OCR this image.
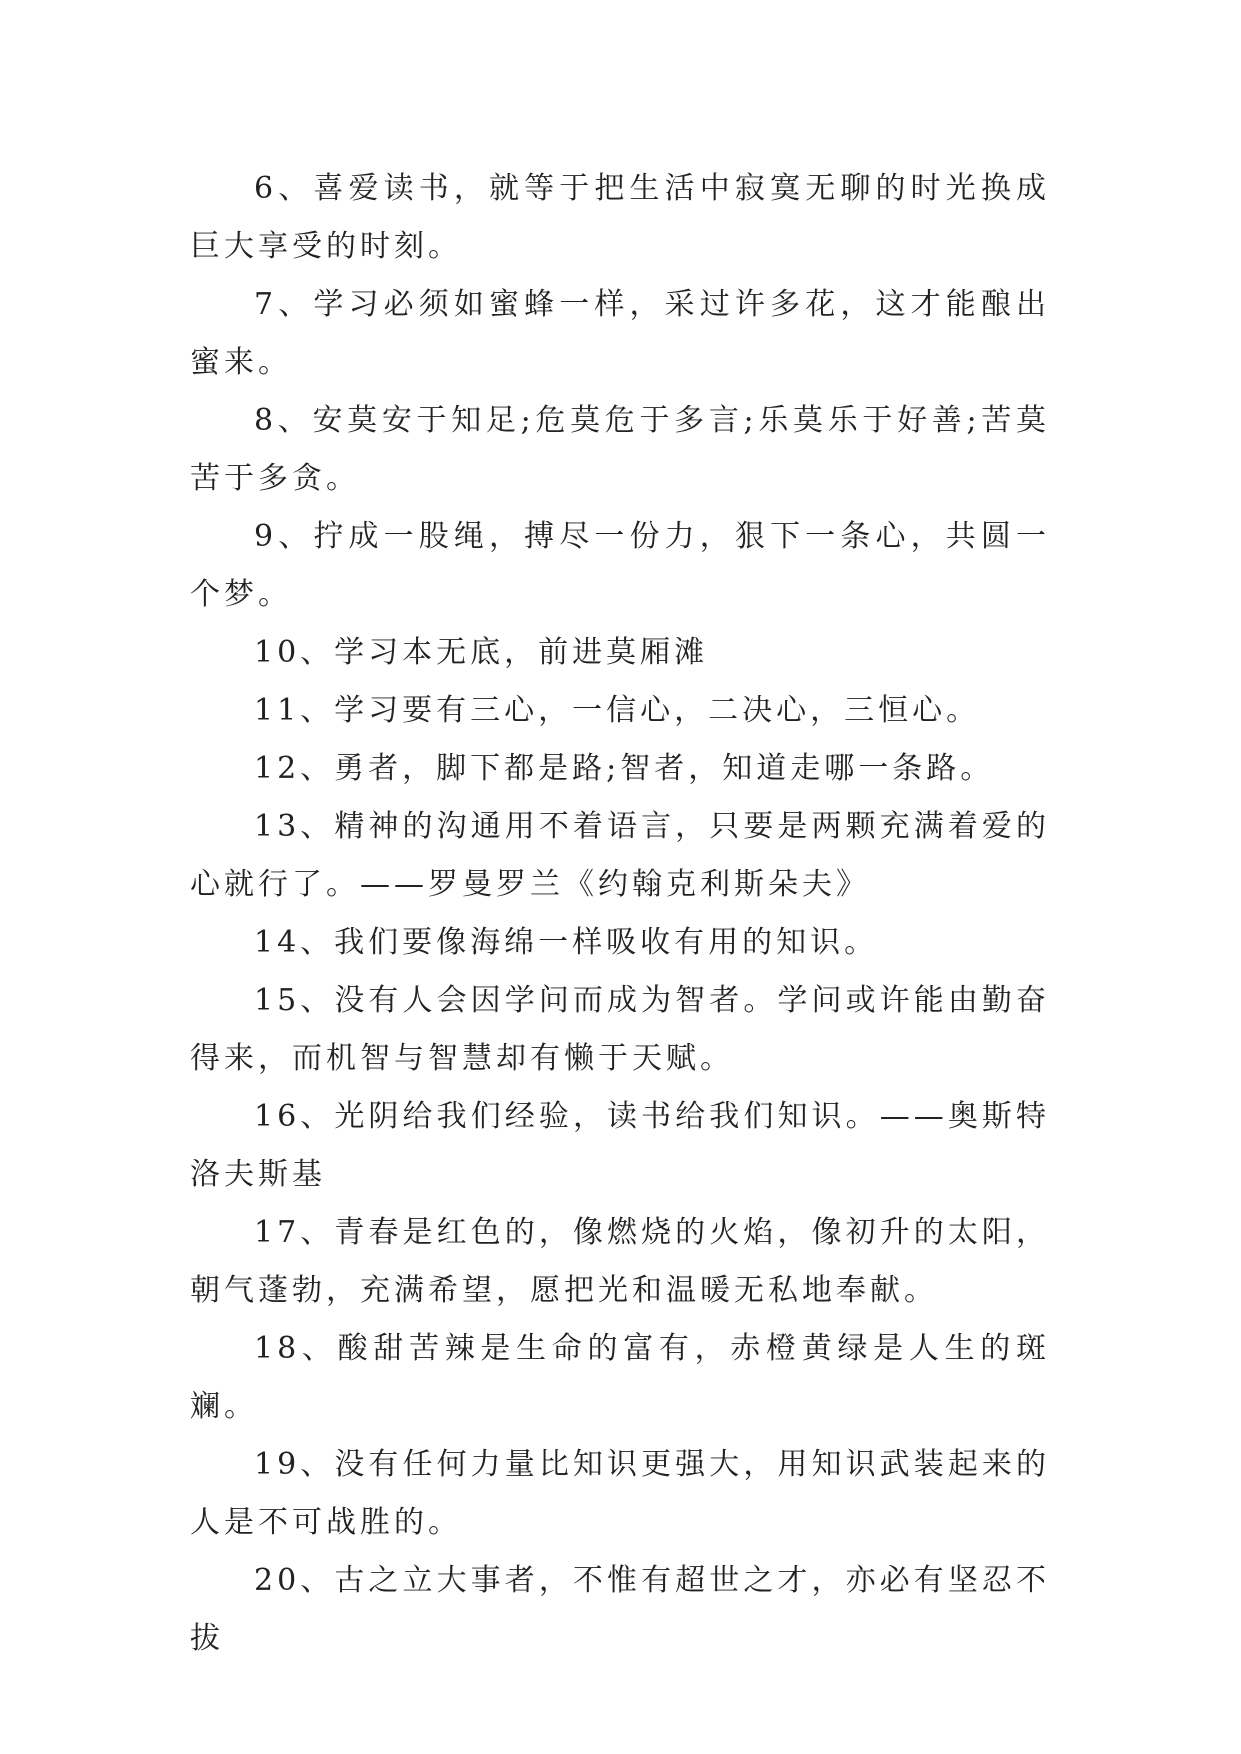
6、喜爱读书，就等于把生活中寂寞无聊的时光换成巨大享受的时刻。

7、学习必须如蜜蜂一样，采过许多花，这才能酿出蜜来。

8、安莫安于知足;危莫危于多言;乐莫乐于好善;苦莫苦于多贪。

9、拧成一股绳，搏尽一份力，狠下一条心，共圆一个梦。

10、学习本无底，前进莫厢滩

11、学习要有三心，一信心，二决心，三恒心。

12、勇者，脚下都是路;智者，知道走哪一条路。

13、精神的沟通用不着语言，只要是两颗充满着爱的心就行了。——罗曼罗兰《约翰克利斯朵夫》

14、我们要像海绵一样吸收有用的知识。

15、没有人会因学问而成为智者。学问或许能由勤奋得来，而机智与智慧却有懒于天赋。

16、光阴给我们经验，读书给我们知识。——奥斯特洛夫斯基

17、青春是红色的，像燃烧的火焰，像初升的太阳，朝气蓬勃，充满希望，愿把光和温暖无私地奉献。

18、酸甜苦辣是生命的富有，赤橙黄绿是人生的斑斓。

19、没有任何力量比知识更强大，用知识武装起来的人是不可战胜的。

20、古之立大事者，不惟有超世之才，亦必有坚忍不拔
